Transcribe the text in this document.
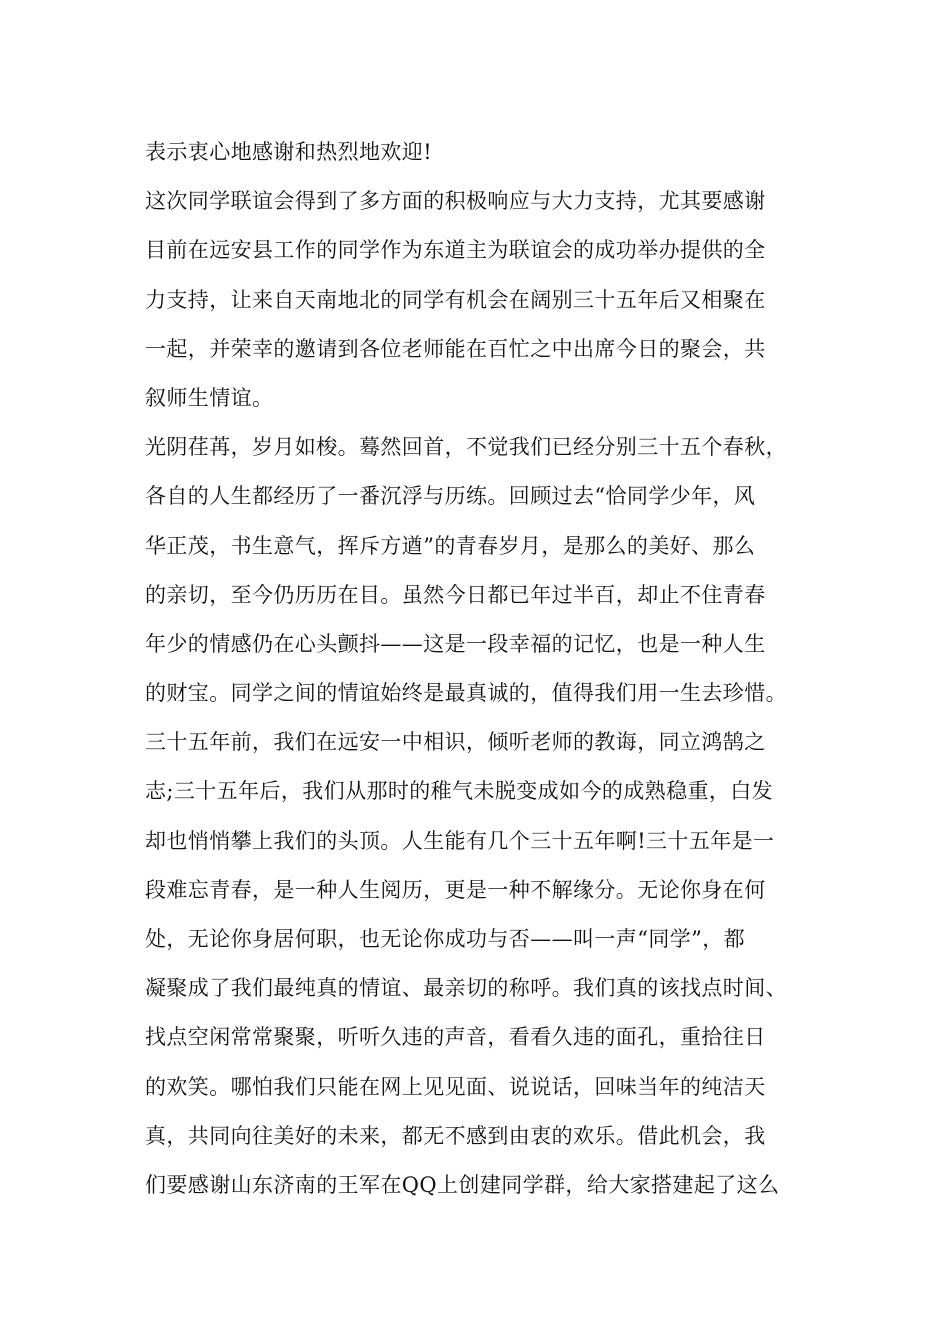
表示衷心地感谢和热烈地欢迎!
这次同学联谊会得到了多方面的积极响应与大力支持，尤其要感谢
目前在远安县工作的同学作为东道主为联谊会的成功举办提供的全
力支持，让来自天南地北的同学有机会在阔别三十五年后又相聚在
一起，并荣幸的邀请到各位老师能在百忙之中出席今日的聚会，共
叙师生情谊。
光阴荏苒，岁月如梭。蓦然回首，不觉我们已经分别三十五个春秋，
各自的人生都经历了一番沉浮与历练。回顾过去“恰同学少年，风
华正茂，书生意气，挥斥方遒”的青春岁月，是那么的美好、那么
的亲切，至今仍历历在目。虽然今日都已年过半百，却止不住青春
年少的情感仍在心头颤抖——这是一段幸福的记忆，也是一种人生
的财宝。同学之间的情谊始终是最真诚的，值得我们用一生去珍惜。
三十五年前，我们在远安一中相识，倾听老师的教诲，同立鸿鹄之
志;三十五年后，我们从那时的稚气未脱变成如今的成熟稳重，白发
却也悄悄攀上我们的头顶。人生能有几个三十五年啊!三十五年是一
段难忘青春，是一种人生阅历，更是一种不解缘分。无论你身在何
处，无论你身居何职，也无论你成功与否——叫一声“同学”，都
凝聚成了我们最纯真的情谊、最亲切的称呼。我们真的该找点时间、
找点空闲常常聚聚，听听久违的声音，看看久违的面孔，重拾往日
的欢笑。哪怕我们只能在网上见见面、说说话，回味当年的纯洁天
真，共同向往美好的未来，都无不感到由衷的欢乐。借此机会，我
们要感谢山东济南的王军在QQ上创建同学群，给大家搭建起了这么
